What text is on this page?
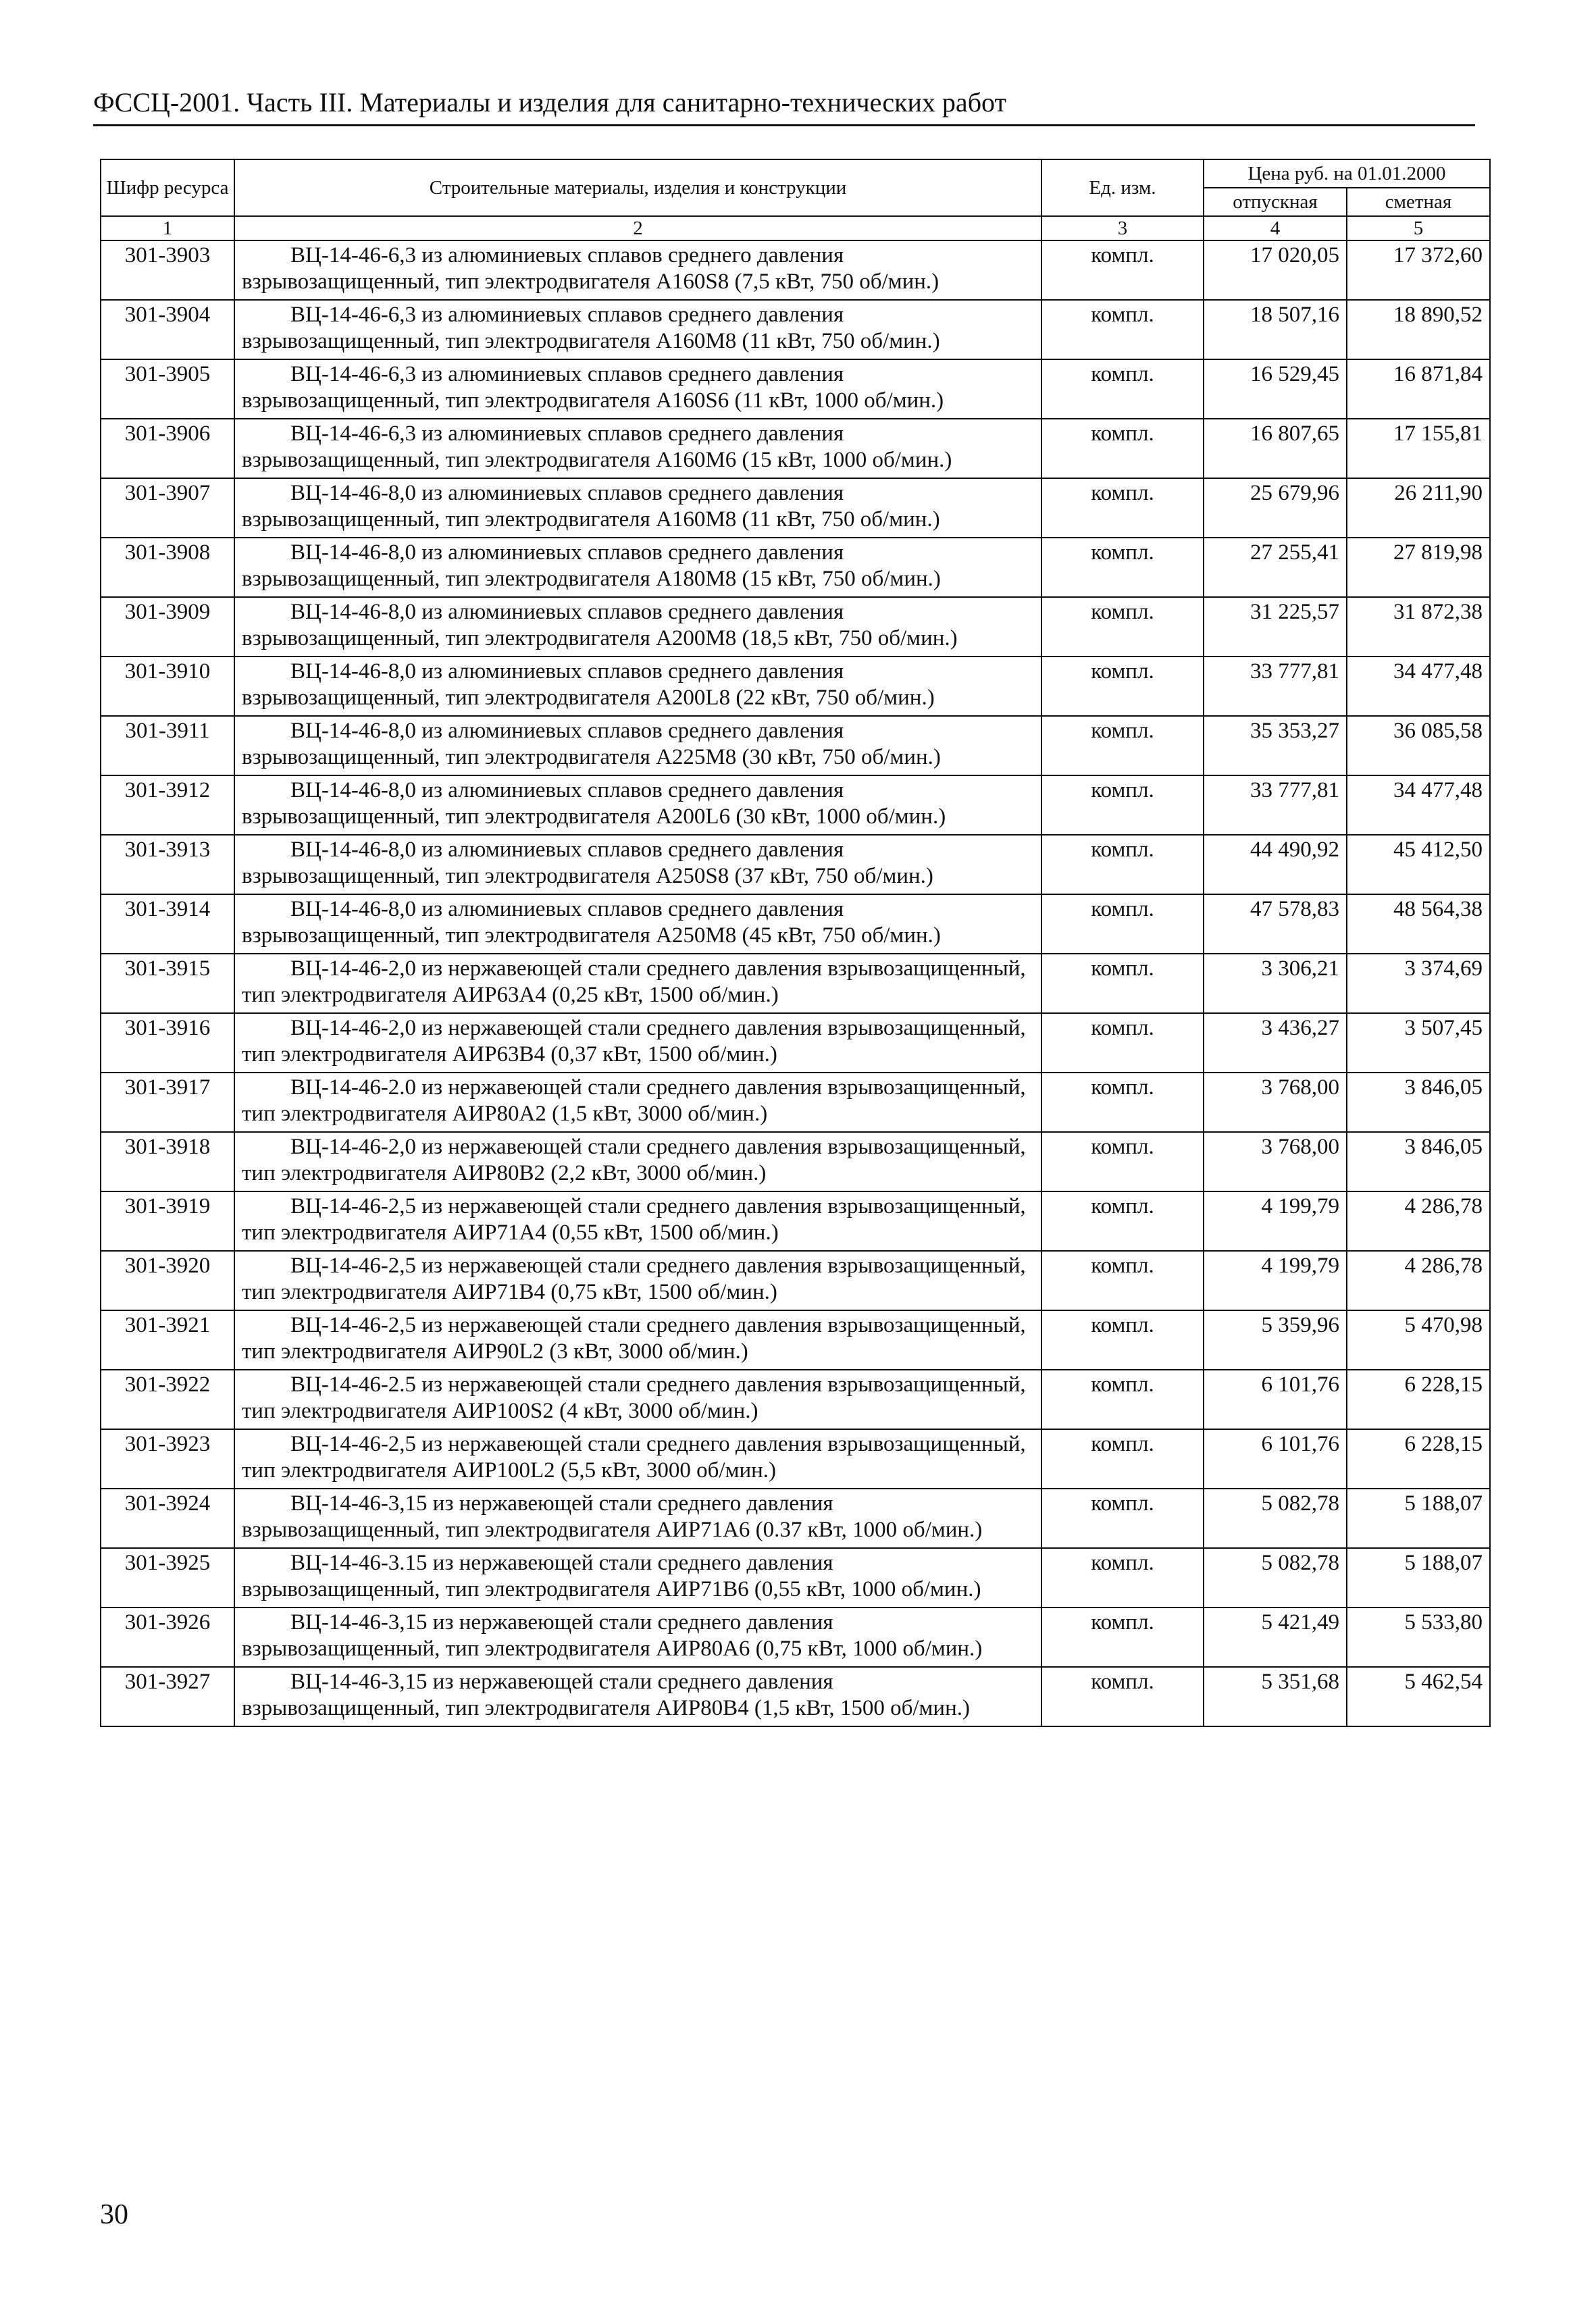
ФССЦ-2001. Часть III. Материалы и изделия для санитарно-технических работ
Шифр ресурса	Строительные материалы, изделия и конструкции	Ед. изм.	Цена руб. на 01.01.2000	
			отпускная	сметная
1	2	3	4	5
301-3903	ВЦ-14-46-6,3 из алюминиевых сплавов среднего давления взрывозащищенный, тип электродвигателя А160S8 (7,5 кВт, 750 об/мин.)	компл.	17 020,05	17 372,60
301-3904	ВЦ-14-46-6,3 из алюминиевых сплавов среднего давления взрывозащищенный, тип электродвигателя А160М8 (11 кВт, 750 об/мин.)	компл.	18 507,16	18 890,52
301-3905	ВЦ-14-46-6,3 из алюминиевых сплавов среднего давления взрывозащищенный, тип электродвигателя А160S6 (11 кВт, 1000 об/мин.)	компл.	16 529,45	16 871,84
301-3906	ВЦ-14-46-6,3 из алюминиевых сплавов среднего давления взрывозащищенный, тип электродвигателя А160М6 (15 кВт, 1000 об/мин.)	компл.	16 807,65	17 155,81
301-3907	ВЦ-14-46-8,0 из алюминиевых сплавов среднего давления взрывозащищенный, тип электродвигателя А160М8 (11 кВт, 750 об/мин.)	компл.	25 679,96	26 211,90
301-3908	ВЦ-14-46-8,0 из алюминиевых сплавов среднего давления взрывозащищенный, тип электродвигателя А180М8 (15 кВт, 750 об/мин.)	компл.	27 255,41	27 819,98
301-3909	ВЦ-14-46-8,0 из алюминиевых сплавов среднего давления взрывозащищенный, тип электродвигателя А200М8 (18,5 кВт, 750 об/мин.)	компл.	31 225,57	31 872,38
301-3910	ВЦ-14-46-8,0 из алюминиевых сплавов среднего давления взрывозащищенный, тип электродвигателя А200L8 (22 кВт, 750 об/мин.)	компл.	33 777,81	34 477,48
301-3911	ВЦ-14-46-8,0 из алюминиевых сплавов среднего давления взрывозащищенный, тип электродвигателя А225М8 (30 кВт, 750 об/мин.)	компл.	35 353,27	36 085,58
301-3912	ВЦ-14-46-8,0 из алюминиевых сплавов среднего давления взрывозащищенный, тип электродвигателя А200L6 (30 кВт, 1000 об/мин.)	компл.	33 777,81	34 477,48
301-3913	ВЦ-14-46-8,0 из алюминиевых сплавов среднего давления взрывозащищенный, тип электродвигателя А250S8 (37 кВт, 750 об/мин.)	компл.	44 490,92	45 412,50
301-3914	ВЦ-14-46-8,0 из алюминиевых сплавов среднего давления взрывозащищенный, тип электродвигателя А250М8 (45 кВт, 750 об/мин.)	компл.	47 578,83	48 564,38
301-3915	ВЦ-14-46-2,0 из нержавеющей стали среднего давления взрывозащищенный, тип электродвигателя АИР63А4 (0,25 кВт, 1500 об/мин.)	компл.	3 306,21	3 374,69
301-3916	ВЦ-14-46-2,0 из нержавеющей стали среднего давления взрывозащищенный, тип электродвигателя АИР63В4 (0,37 кВт, 1500 об/мин.)	компл.	3 436,27	3 507,45
301-3917	ВЦ-14-46-2.0 из нержавеющей стали среднего давления взрывозащищенный, тип электродвигателя АИР80А2 (1,5 кВт, 3000 об/мин.)	компл.	3 768,00	3 846,05
301-3918	ВЦ-14-46-2,0 из нержавеющей стали среднего давления взрывозащищенный, тип электродвигателя АИР80В2 (2,2 кВт, 3000 об/мин.)	компл.	3 768,00	3 846,05
301-3919	ВЦ-14-46-2,5 из нержавеющей стали среднего давления взрывозащищенный, тип электродвигателя АИР71А4 (0,55 кВт, 1500 об/мин.)	компл.	4 199,79	4 286,78
301-3920	ВЦ-14-46-2,5 из нержавеющей стали среднего давления взрывозащищенный, тип электродвигателя АИР71В4 (0,75 кВт, 1500 об/мин.)	компл.	4 199,79	4 286,78
301-3921	ВЦ-14-46-2,5 из нержавеющей стали среднего давления взрывозащищенный, тип электродвигателя АИР90L2 (3 кВт, 3000 об/мин.)	компл.	5 359,96	5 470,98
301-3922	ВЦ-14-46-2.5 из нержавеющей стали среднего давления взрывозащищенный, тип электродвигателя АИР100S2 (4 кВт, 3000 об/мин.)	компл.	6 101,76	6 228,15
301-3923	ВЦ-14-46-2,5 из нержавеющей стали среднего давления взрывозащищенный, тип электродвигателя АИР100L2 (5,5 кВт, 3000 об/мин.)	компл.	6 101,76	6 228,15
301-3924	ВЦ-14-46-3,15 из нержавеющей стали среднего давления взрывозащищенный, тип электродвигателя АИР71А6 (0.37 кВт, 1000 об/мин.)	компл.	5 082,78	5 188,07
301-3925	ВЦ-14-46-3.15 из нержавеющей стали среднего давления взрывозащищенный, тип электродвигателя АИР71В6 (0,55 кВт, 1000 об/мин.)	компл.	5 082,78	5 188,07
301-3926	ВЦ-14-46-3,15 из нержавеющей стали среднего давления взрывозащищенный, тип электродвигателя АИР80А6 (0,75 кВт, 1000 об/мин.)	компл.	5 421,49	5 533,80
301-3927	ВЦ-14-46-3,15 из нержавеющей стали среднего давления взрывозащищенный, тип электродвигателя АИР80В4 (1,5 кВт, 1500 об/мин.)	компл.	5 351,68	5 462,54
30
